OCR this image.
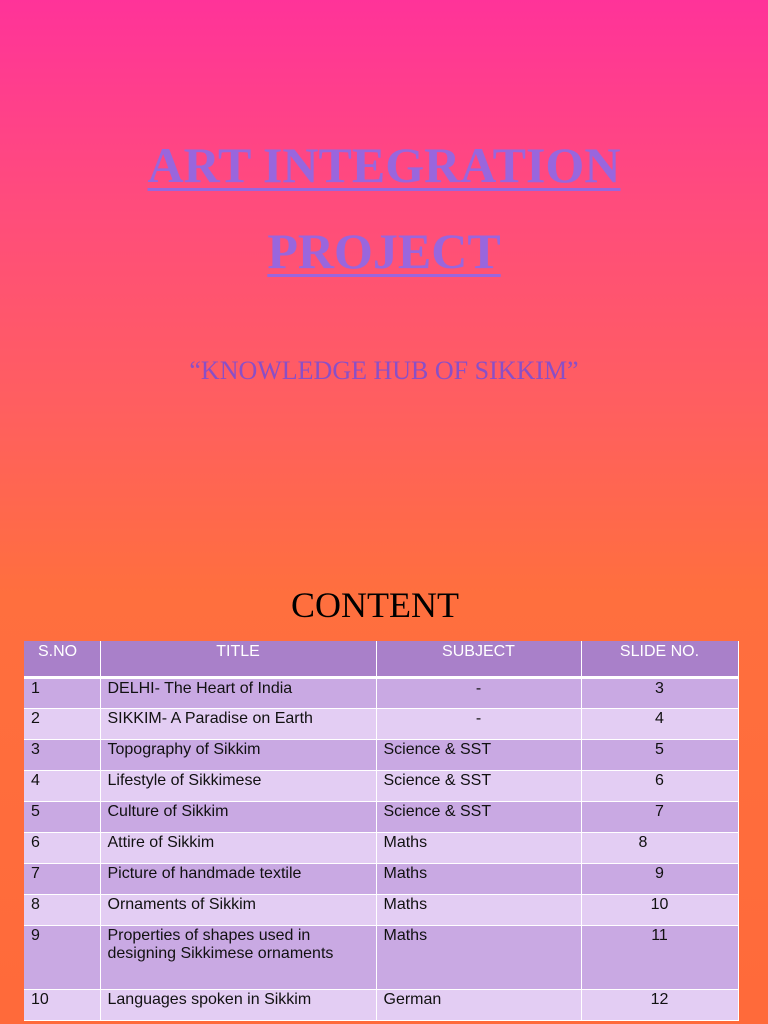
ART INTEGRATION
PROJECT
“KNOWLEDGE HUB OF SIKKIM”
CONTENT
S.NO	TITLE	SUBJECT	SLIDE NO.
1	DELHI- The Heart of India	-	3
2	SIKKIM- A Paradise on Earth	-	4
3	Topography of Sikkim	Science & SST	5
4	Lifestyle of Sikkimese	Science & SST	6
5	Culture of Sikkim	Science & SST	7
6	Attire of Sikkim	Maths	8
7	Picture of handmade textile	Maths	9
8	Ornaments of Sikkim	Maths	10
9	Properties of shapes used in designing Sikkimese ornaments	Maths	11
10	Languages spoken in Sikkim	German	12
